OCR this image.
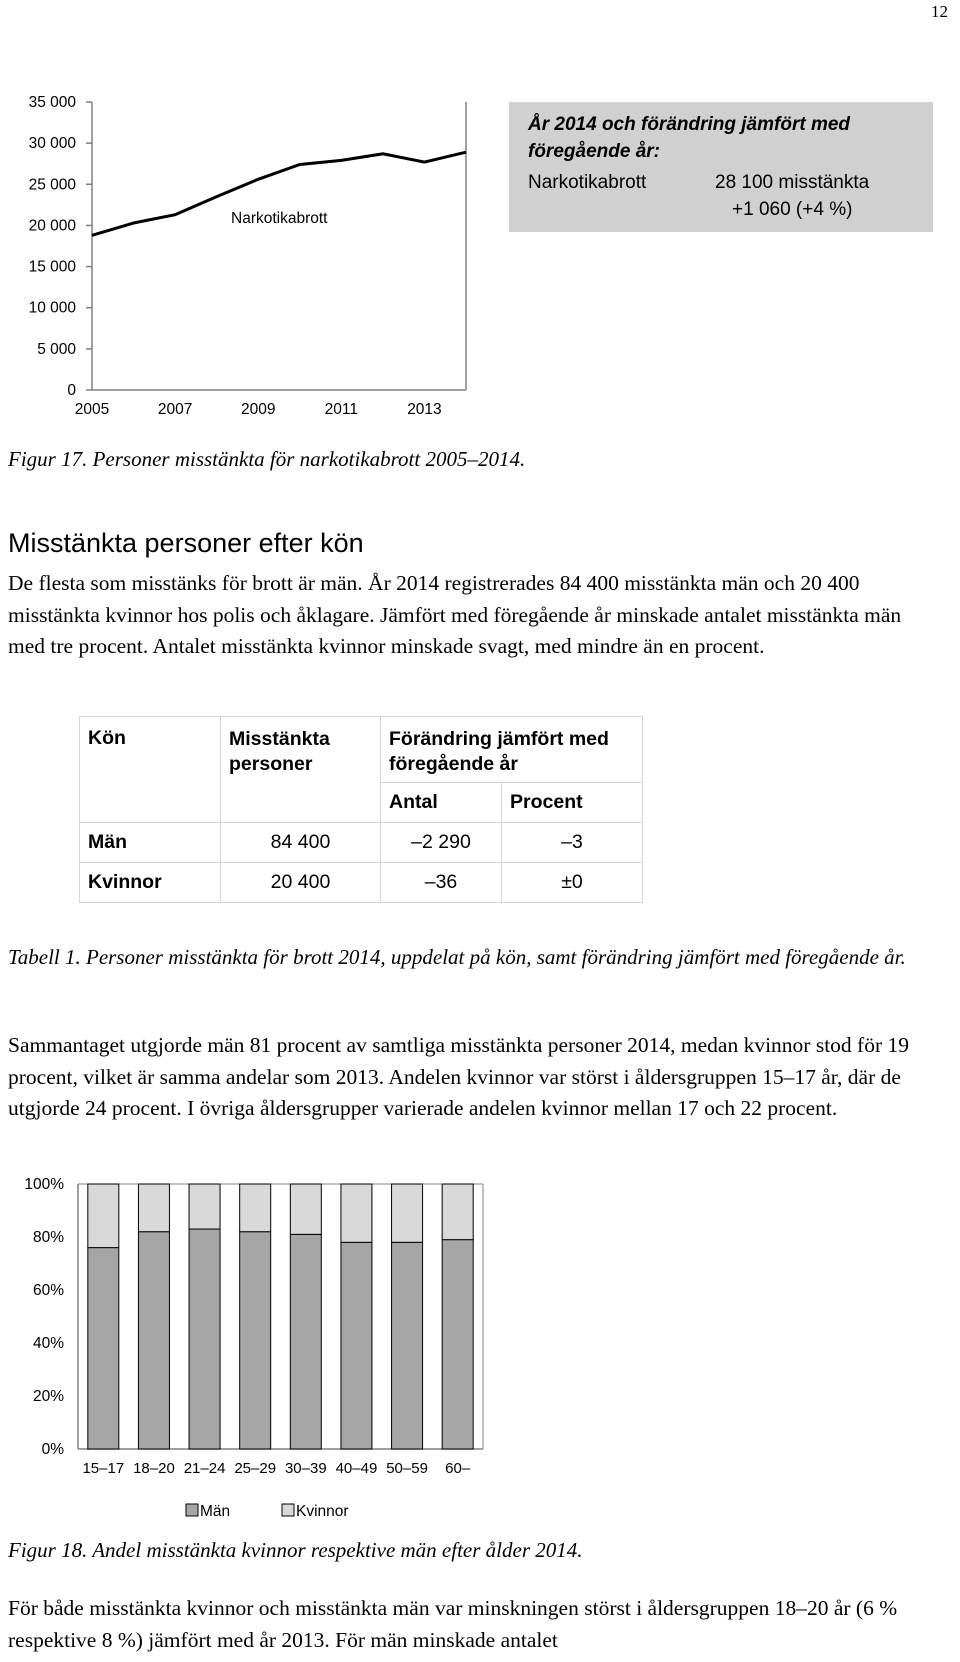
12
0
5 000
10 000
15 000
20 000
25 000
30 000
35 000
2005	2007	2009	2011	2013
Narkotikabrott
År 2014 och förändring jämfört med föregående år:
Narkotikabrott	28 100 misstänkta
+1 060 (+4 %)
Figur 17. Personer misstänkta för narkotikabrott 2005–2014.
Misstänkta personer efter kön
De flesta som misstänks för brott är män. År 2014 registrerades 84 400 misstänkta män och 20 400 misstänkta kvinnor hos polis och åklagare. Jämfört med föregående år minskade antalet misstänkta män med tre procent. Antalet misstänkta kvinnor minskade svagt, med mindre än en procent.
Kön	Misstänkta personer	Förändring jämfört med föregående år	
		Antal	Procent
Män	84 400	–2 290	–3
Kvinnor	20 400	–36	±0
Tabell 1. Personer misstänkta för brott 2014, uppdelat på kön, samt förändring jämfört med föregående år.
Sammantaget utgjorde män 81 procent av samtliga misstänkta personer 2014, medan kvinnor stod för 19 procent, vilket är samma andelar som 2013. Andelen kvinnor var störst i åldersgruppen 15–17 år, där de utgjorde 24 procent. I övriga åldersgrupper varierade andelen kvinnor mellan 17 och 22 procent.
0%
20%
40%
60%
80%
100%
15–17 18–20 21–24 25–29 30–39 40–49 50–59 60–
Män	Kvinnor
Figur 18. Andel misstänkta kvinnor respektive män efter ålder 2014.
För både misstänkta kvinnor och misstänkta män var minskningen störst i åldersgruppen 18–20 år (6 % respektive 8 %) jämfört med år 2013. För män minskade antalet
